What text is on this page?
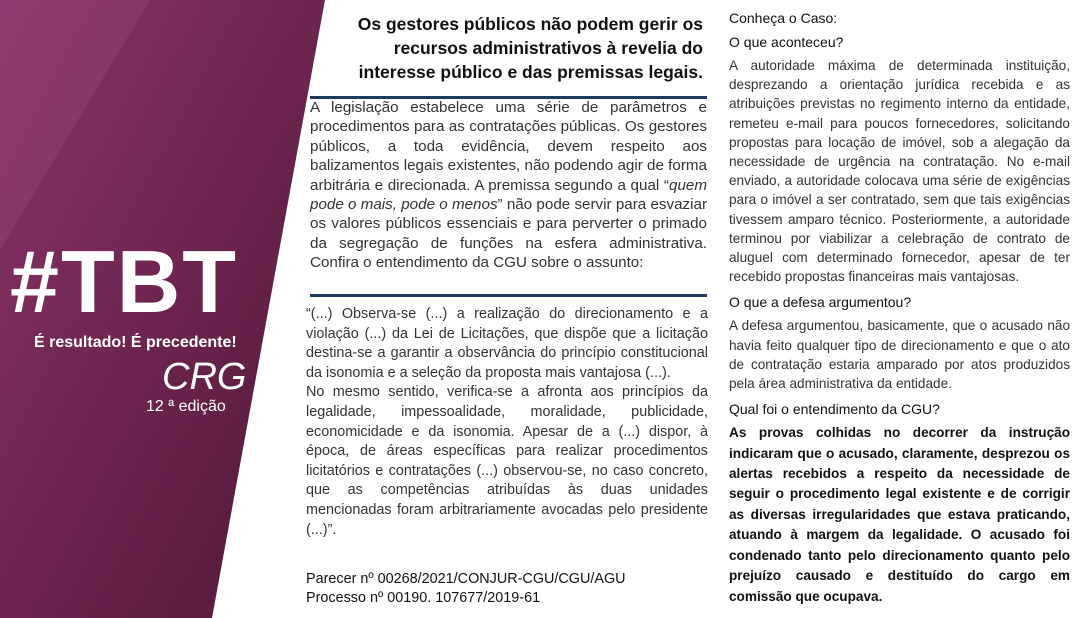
#TBT
É resultado! É precedente!
CRG
12 ª edição
Os gestores públicos não podem gerir os recursos administrativos à revelia do interesse público e das premissas legais.
A legislação estabelece uma série de parâmetros e procedimentos para as contratações públicas. Os gestores públicos, a toda evidência, devem respeito aos balizamentos legais existentes, não podendo agir de forma arbitrária e direcionada. A premissa segundo a qual “quem pode o mais, pode o menos” não pode servir para esvaziar os valores públicos essenciais e para perverter o primado da segregação de funções na esfera administrativa. Confira o entendimento da CGU sobre o assunto:

“(...) Observa-se (...) a realização do direcionamento e a violação (...) da Lei de Licitações, que dispõe que a licitação destina-se a garantir a observância do princípio constitucional da isonomia e a seleção da proposta mais vantajosa (...).

No mesmo sentido, verifica-se a afronta aos princípios da legalidade, impessoalidade, moralidade, publicidade, economicidade e da isonomia. Apesar de a (...) dispor, à época, de áreas específicas para realizar procedimentos licitatórios e contratações (...) observou-se, no caso concreto, que as competências atribuídas às duas unidades mencionadas foram arbitrariamente avocadas pelo presidente (...)”.

Parecer nº 00268/2021/CONJUR-CGU/CGU/AGU
Processo nº 00190. 107677/2019-61
Conheça o Caso:
O que aconteceu?

A autoridade máxima de determinada instituição, desprezando a orientação jurídica recebida e as atribuições previstas no regimento interno da entidade, remeteu e-mail para poucos fornecedores, solicitando propostas para locação de imóvel, sob a alegação da necessidade de urgência na contratação. No e-mail enviado, a autoridade colocava uma série de exigências para o imóvel a ser contratado, sem que tais exigências tivessem amparo técnico. Posteriormente, a autoridade terminou por viabilizar a celebração de contrato de aluguel com determinado fornecedor, apesar de ter recebido propostas financeiras mais vantajosas.

O que a defesa argumentou?

A defesa argumentou, basicamente, que o acusado não havia feito qualquer tipo de direcionamento e que o ato de contratação estaria amparado por atos produzidos pela área administrativa da entidade.

Qual foi o entendimento da CGU?

As provas colhidas no decorrer da instrução indicaram que o acusado, claramente, desprezou os alertas recebidos a respeito da necessidade de seguir o procedimento legal existente e de corrigir as diversas irregularidades que estava praticando, atuando à margem da legalidade. O acusado foi condenado tanto pelo direcionamento quanto pelo prejuízo causado e destituído do cargo em comissão que ocupava.
